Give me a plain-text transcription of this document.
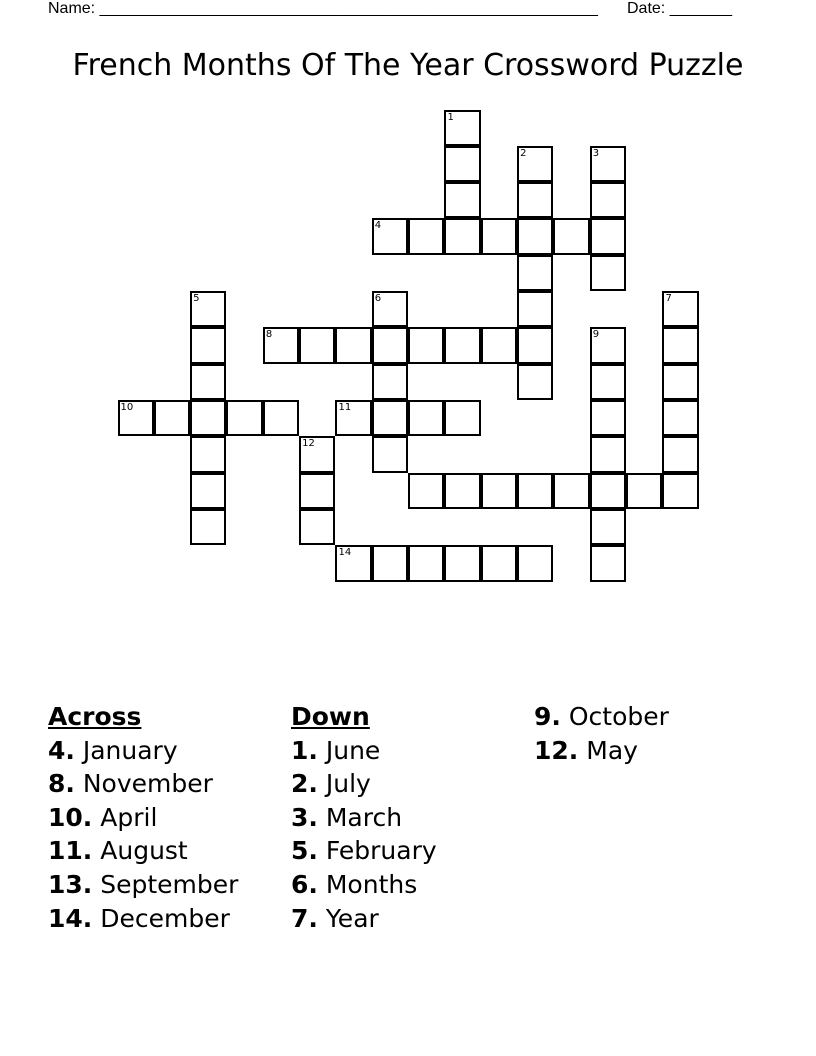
Name: ________________________________________________________ Date: _______
French Months Of The Year Crossword Puzzle
1
2	3
4
5	6	7
8	9
10	11
12
14
Across
4. January
8. November
10. April
11. August
13. September
14. December
Down
1. June
2. July
3. March
5. February
6. Months
7. Year
9. October
12. May
